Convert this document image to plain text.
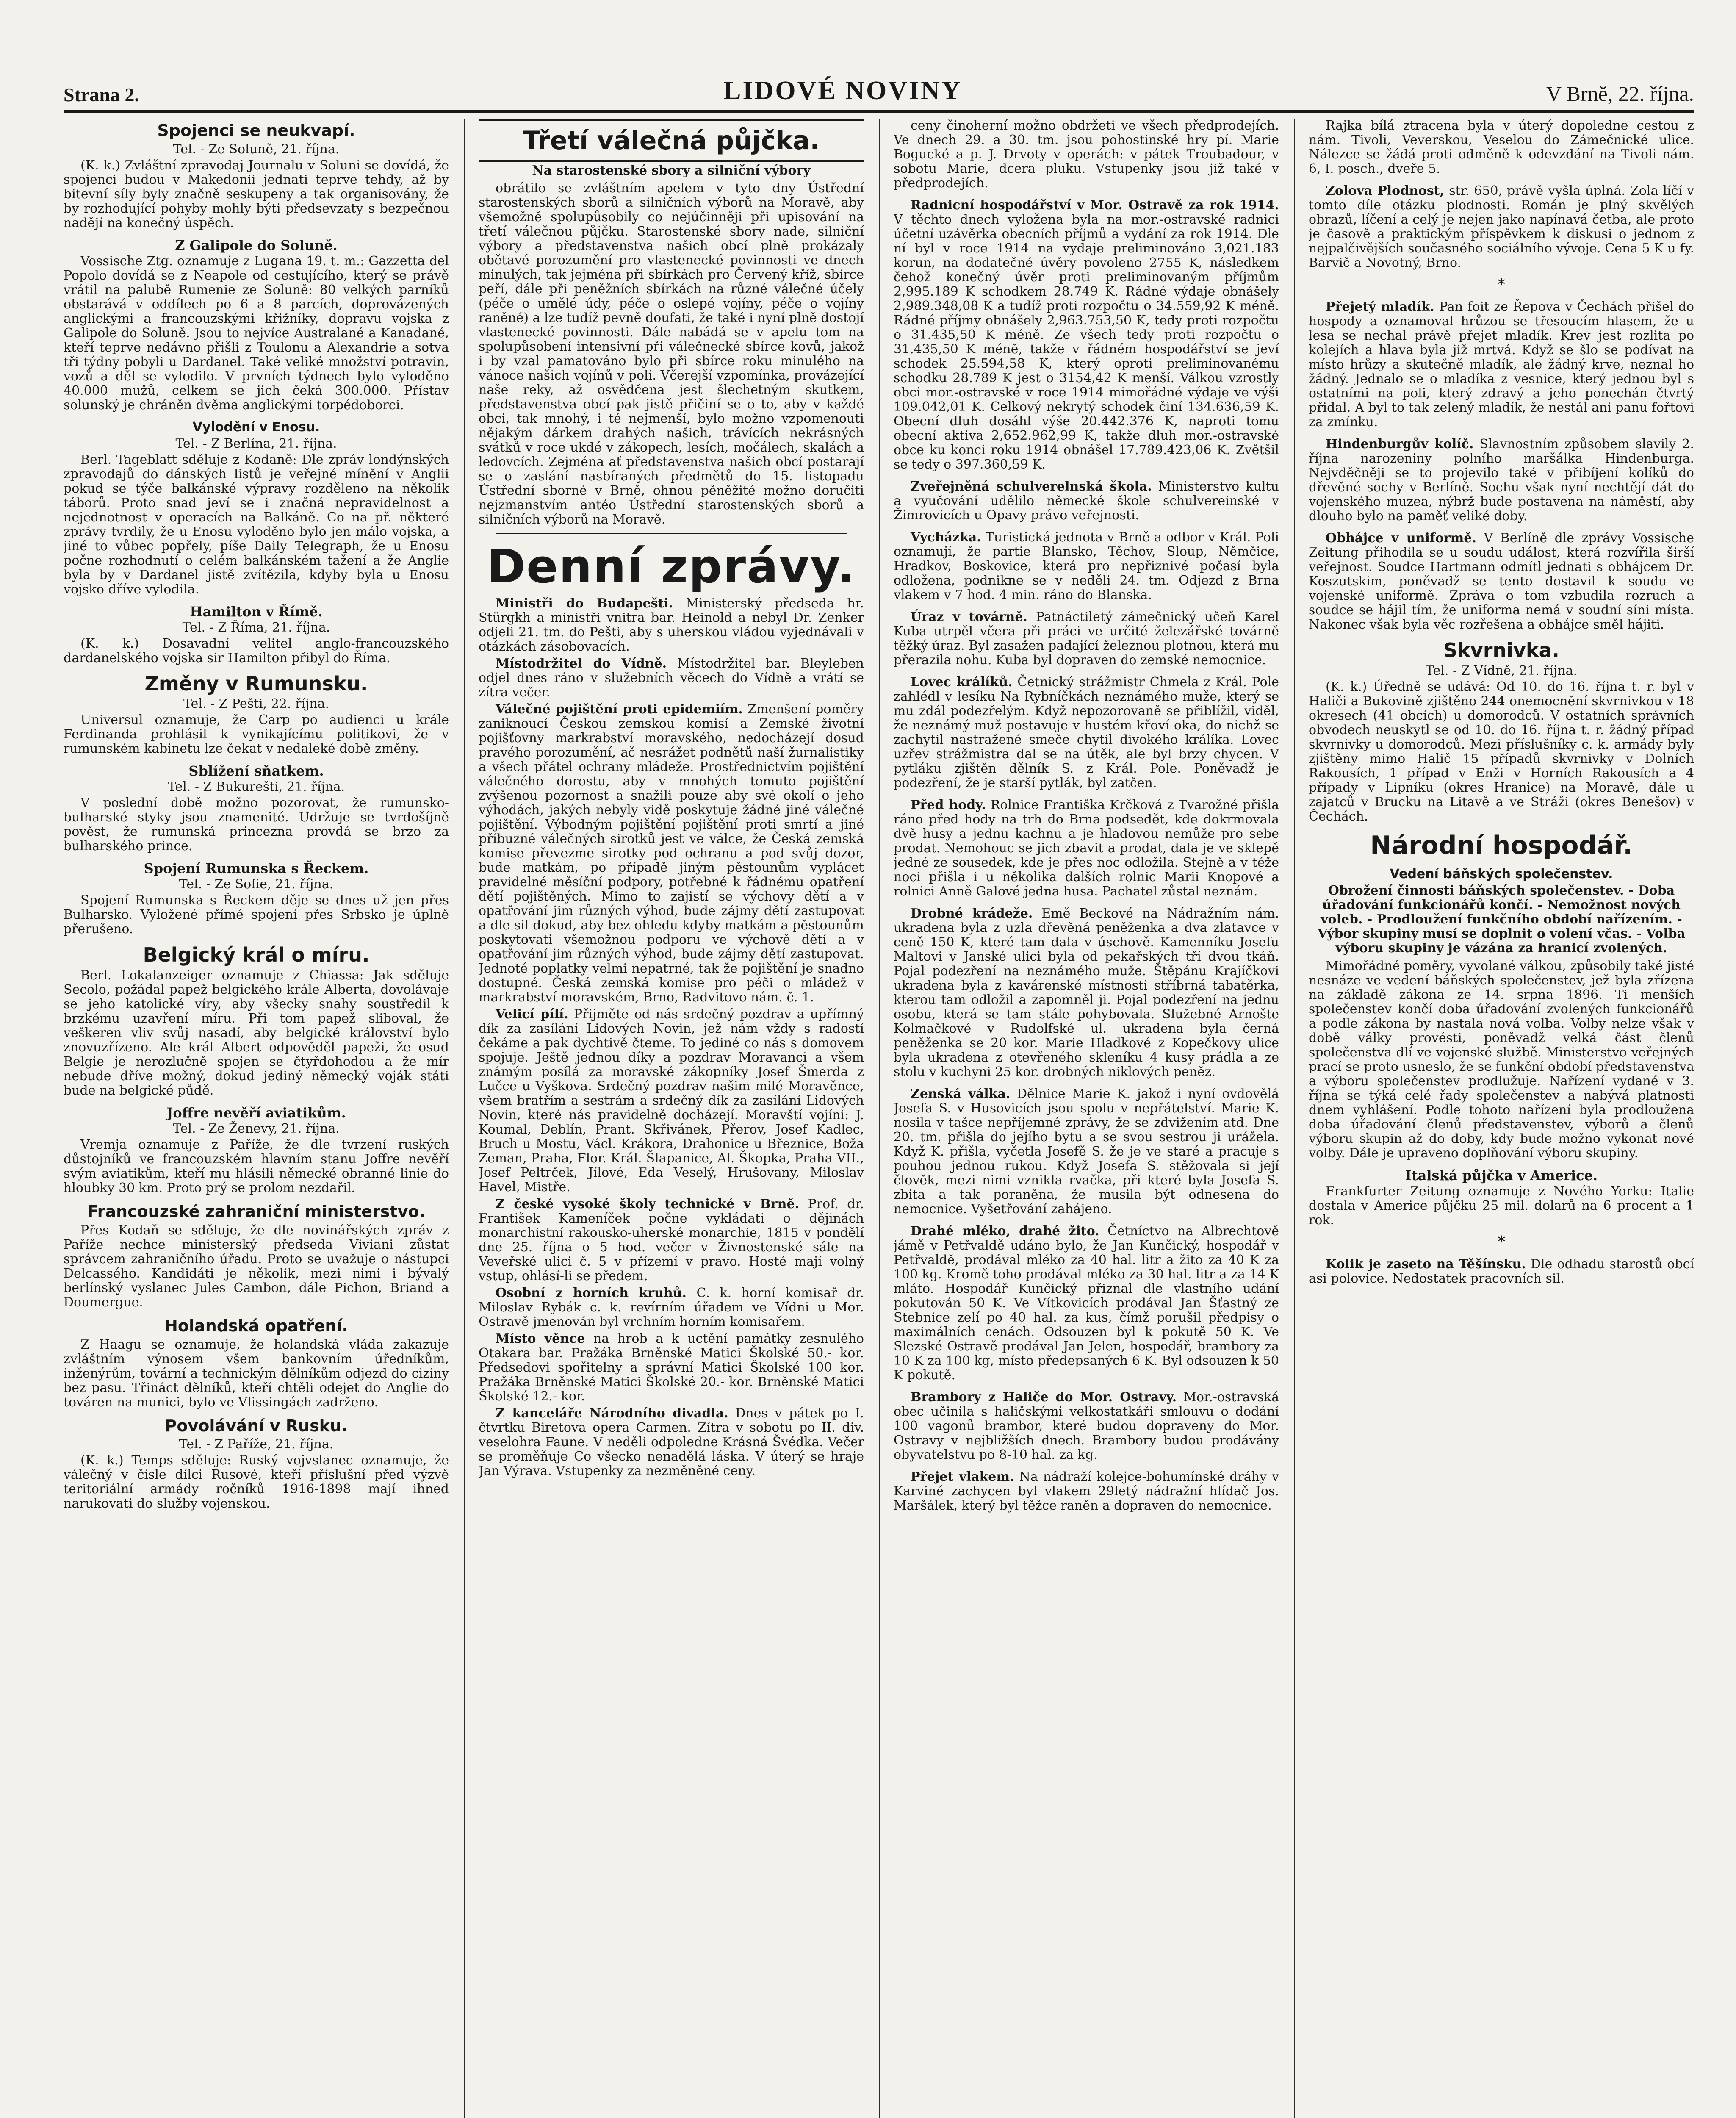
Strana 2.	LIDOVÉ NOVINY	V Brně, 22. října.
Spojenci se neukvapí.
Tel. - Ze Soluně, 21. října.

(K. k.) Zvláštní zpravodaj Journalu v Soluni se dovídá, že spojenci budou v Makedonii jednati teprve tehdy, až by bitevní síly byly značně seskupeny a tak organisovány, že by rozhodující pohyby mohly býti předsevzaty s bezpečnou nadějí na konečný úspěch.

Z Galipole do Soluně.

Vossische Ztg. oznamuje z Lugana 19. t. m.: Gazzetta del Popolo dovídá se z Neapole od cestujícího, který se právě vrátil na palubě Rumenie ze Soluně: 80 velkých parníků obstarává v oddílech po 6 a 8 parcích, doprovázených anglickými a francouzskými křižníky, dopravu vojska z Galipole do Soluně. Jsou to nejvíce Australané a Kanadané, kteří teprve nedávno přišli z Toulonu a Alexandrie a sotva tři týdny pobyli u Dardanel. Také veliké množství potravin, vozů a děl se vylodilo. V prvních týdnech bylo vyloděno 40.000 mužů, celkem se jich čeká 300.000. Přístav solunský je chráněn dvěma anglickými torpédoborci.

Vylodění v Enosu.
Tel. - Z Berlína, 21. října.

Berl. Tageblatt sděluje z Kodaně: Dle zpráv londýnských zpravodajů do dánských listů je veřejné mínění v Anglii pokud se týče balkánské výpravy rozděleno na několik táborů. Proto snad jeví se i značná nepravidelnost a nejednotnost v operacích na Balkáně. Co na př. některé zprávy tvrdily, že u Enosu vyloděno bylo jen málo vojska, a jiné to vůbec popřely, píše Daily Telegraph, že u Enosu počne rozhodnutí o celém balkánském tažení a že Anglie byla by v Dardanel jistě zvítězila, kdyby byla u Enosu vojsko dříve vylodila.

Hamilton v Římě.
Tel. - Z Říma, 21. října.

(K. k.) Dosavadní velitel anglo-francouzského dardanelského vojska sir Hamilton přibyl do Říma.

Změny v Rumunsku.
Tel. - Z Pešti, 22. října.

Universul oznamuje, že Carp po audienci u krále Ferdinanda prohlásil k vynikajícímu politikovi, že v rumunském kabinetu lze čekat v nedaleké době změny.

Sblížení sňatkem.
Tel. - Z Bukurešti, 21. října.

V poslední době možno pozorovat, že rumunsko-bulharské styky jsou znamenité. Udržuje se tvrdošíjně pověst, že rumunská princezna provdá se brzo za bulharského prince.

Spojení Rumunska s Řeckem.
Tel. - Ze Sofie, 21. října.

Spojení Rumunska s Řeckem děje se dnes už jen přes Bulharsko. Vyložené přímé spojení přes Srbsko je úplně přerušeno.

Belgický král o míru.

Berl. Lokalanzeiger oznamuje z Chiassa: Jak sděluje Secolo, požádal papež belgického krále Alberta, dovolávaje se jeho katolické víry, aby všecky snahy soustředil k brzkému uzavření míru. Při tom papež sliboval, že veškeren vliv svůj nasadí, aby belgické království bylo znovuzřízeno. Ale král Albert odpověděl papeži, že osud Belgie je nerozlučně spojen se čtyřdohodou a že mír nebude dříve možný, dokud jediný německý voják státi bude na belgické půdě.

Joffre nevěří aviatikům.
Tel. - Ze Ženevy, 21. října.

Vremja oznamuje z Paříže, že dle tvrzení ruských důstojníků ve francouzském hlavním stanu Joffre nevěří svým aviatikům, kteří mu hlásili německé obranné linie do hloubky 30 km. Proto prý se prolom nezdařil.

Francouzské zahraniční ministerstvo.

Přes Kodaň se sděluje, že dle novinářských zpráv z Paříže nechce ministerský předseda Viviani zůstat správcem zahraničního úřadu. Proto se uvažuje o nástupci Delcassého. Kandidáti je několik, mezi nimi i bývalý berlínský vyslanec Jules Cambon, dále Pichon, Briand a Doumergue.

Holandská opatření.

Z Haagu se oznamuje, že holandská vláda zakazuje zvláštním výnosem všem bankovním úředníkům, inženýrům, tovární a technickým dělníkům odjezd do ciziny bez pasu. Třináct dělníků, kteří chtěli odejet do Anglie do továren na munici, bylo ve Vlissingách zadrženo.

Povolávání v Rusku.
Tel. - Z Paříže, 21. října.

(K. k.) Temps sděluje: Ruský vojvslanec oznamuje, že válečný v čísle dílci Rusové, kteří příslušní před výzvě teritoriální armády ročníků 1916-1898 mají ihned narukovati do služby vojenskou.

Třetí válečná půjčka.
Na starostenské sbory a silniční výbory

obrátilo se zvláštním apelem v tyto dny Ústřední starostenských sborů a silničních výborů na Moravě, aby všemožně spolupůsobily co nejúčinněji při upisování na třetí válečnou půjčku. Starostenské sbory nade, silniční výbory a představenstva našich obcí plně prokázaly obětavé porozumění pro vlastenecké povinnosti ve dnech minulých, tak jejména při sbírkách pro Červený kříž, sbírce peří, dále při peněžních sbírkách na různé válečné účely (péče o umělé údy, péče o oslepé vojíny, péče o vojíny raněné) a lze tudíž pevně doufati, že také i nyní plně dostojí vlastenecké povinnosti. Dále nabádá se v apelu tom na spolupůsobení intensivní při válečnecké sbírce kovů, jakož i by vzal pamatováno bylo při sbírce roku minulého na vánoce našich vojínů v poli. Včerejší vzpomínka, provázející naše reky, až osvědčena jest šlechetným skutkem, představenstva obcí pak jistě přičiní se o to, aby v každé obci, tak mnohý, i té nejmenší, bylo možno vzpomenouti nějakým dárkem drahých našich, trávících nekrásných svátků v roce ukdé v zákopech, lesích, močálech, skalách a ledovcích. Zejména ať představenstva našich obcí postarají se o zaslání nasbíraných předmětů do 15. listopadu Ústřední sborné v Brně, ohnou pěněžité možno doručiti nejzmanstvím antéo Ústřední starostenských sborů a silničních výborů na Moravě.

Denní zprávy.

Ministři do Budapešti. Ministerský předseda hr. Stürgkh a ministři vnitra bar. Heinold a nebyl Dr. Zenker odjeli 21. tm. do Pešti, aby s uherskou vládou vyjednávali v otázkách zásobovacích.

Místodržitel do Vídně. Místodržitel bar. Bleyleben odjel dnes ráno v služebních věcech do Vídně a vrátí se zítra večer.

Válečné pojištění proti epidemiím. Zmenšení poměry zaniknoucí Českou zemskou komisí a Zemské životní pojišťovny markrabství moravského, nedocházejí dosud pravého porozumění, ač nesrážet podnětů naší žurnalistiky a všech přátel ochrany mládeže. Prostřednictvím pojištění válečného dorostu, aby v mnohých tomuto pojištění zvýšenou pozornost a snažili pouze aby své okolí o jeho výhodách, jakých nebyly vidě poskytuje žádné jiné válečné pojištění. Výbodným pojištění pojištění proti smrtí a jiné příbuzné válečných sirotků jest ve válce, že Česká zemská komise převezme sirotky pod ochranu a pod svůj dozor, bude matkám, po případě jiným pěstounům vyplácet pravidelné měsíční podpory, potřebné k řádnému opatření dětí pojištěných. Mimo to zajistí se výchovy dětí a v opatřování jim různých výhod, bude zájmy dětí zastupovat a dle sil dokud, aby bez ohledu kdyby matkám a pěstounům poskytovati všemožnou podporu ve výchově dětí a v opatřování jim různých výhod, bude zájmy dětí zastupovat. Jednoté poplatky velmi nepatrné, tak že pojištění je snadno dostupné. Česká zemská komise pro péči o mládež v markrabství moravském, Brno, Radvitovo nám. č. 1.

Velicí pílí. Přijměte od nás srdečný pozdrav a upřímný dík za zasílání Lidových Novin, jež nám vždy s radostí čekáme a pak dychtivě čteme. To jediné co nás s domovem spojuje. Ještě jednou díky a pozdrav Moravanci a všem známým posílá za moravské zákopníky Josef Šmerda z Lučce u Vyškova. Srdečný pozdrav našim milé Moravěnce, všem bratřím a sestrám a srdečný dík za zasílání Lidových Novin, které nás pravidelně docházejí. Moravští vojíni: J. Koumal, Deblín, Prant. Skřivánek, Přerov, Josef Kadlec, Bruch u Mostu, Václ. Krákora, Drahonice u Březnice, Boža Zeman, Praha, Flor. Král. Šlapanice, Al. Škopka, Praha VII., Josef Peltrček, Jílové, Eda Veselý, Hrušovany, Miloslav Havel, Mistře.

Z české vysoké školy technické v Brně. Prof. dr. František Kameníček počne vykládati o dějinách monarchistní rakousko-uherské monarchie, 1815 v pondělí dne 25. října o 5 hod. večer v Živnostenské sále na Veveřské ulici č. 5 v přízemí v pravo. Hosté mají volný vstup, ohlásí-li se předem.

Osobní z horních kruhů. C. k. horní komisař dr. Miloslav Rybák c. k. revírním úřadem ve Vídni u Mor. Ostravě jmenován byl vrchním horním komisařem.

Místo věnce na hrob a k uctění památky zesnulého Otakara bar. Pražáka Brněnské Matici Školské 50.- kor. Předsedovi spořitelny a správní Matici Školské 100 kor. Pražáka Brněnské Matici Školské 20.- kor. Brněnské Matici Školské 12.- kor.

Z kanceláře Národního divadla. Dnes v pátek po I. čtvrtku Biretova opera Carmen. Zítra v sobotu po II. div. veselohra Faune. V neděli odpoledne Krásná Švédka. Večer se proměňuje Co všecko nenadělá láska. V úterý se hraje Jan Výrava. Vstupenky za nezměněné ceny.

ceny činoherní možno obdržeti ve všech předprodejích. Ve dnech 29. a 30. tm. jsou pohostinské hry pí. Marie Bogucké a p. J. Drvoty v operách: v pátek Troubadour, v sobotu Marie, dcera pluku. Vstupenky jsou již také v předprodejích.

Radnicní hospodářství v Mor. Ostravě za rok 1914. V těchto dnech vyložena byla na mor.-ostravské radnici účetní uzávěrka obecních příjmů a vydání za rok 1914. Dle ní byl v roce 1914 na vydaje preliminováno 3,021.183 korun, na dodatečné úvěry povoleno 2755 K, následkem čehož konečný úvěr proti preliminovaným příjmům 2,995.189 K schodkem 28.749 K. Rádné výdaje obnášely 2,989.348,08 K a tudíž proti rozpočtu o 34.559,92 K méně. Rádné příjmy obnášely 2,963.753,50 K, tedy proti rozpočtu o 31.435,50 K méně. Ze všech tedy proti rozpočtu o 31.435,50 K méně, takže v řádném hospodářství se jeví schodek 25.594,58 K, který oproti preliminovanému schodku 28.789 K jest o 3154,42 K menší. Válkou vzrostly obci mor.-ostravské v roce 1914 mimořádné výdaje ve výši 109.042,01 K. Celkový nekrytý schodek činí 134.636,59 K. Obecní dluh dosáhl výše 20.442.376 K, naproti tomu obecní aktiva 2,652.962,99 K, takže dluh mor.-ostravské obce ku konci roku 1914 obnášel 17.789.423,06 K. Zvětšil se tedy o 397.360,59 K.

Zveřejněná schulverelnská škola. Ministerstvo kultu a vyučování udělilo německé škole schulvereinské v Žimrovicích u Opavy právo veřejnosti.

Vycházka. Turistická jednota v Brně a odbor v Král. Poli oznamují, že partie Blansko, Těchov, Sloup, Němčice, Hradkov, Boskovice, která pro nepřiznivé počasí byla odložena, podnikne se v neděli 24. tm. Odjezd z Brna vlakem v 7 hod. 4 min. ráno do Blanska.

Úraz v továrně. Patnáctiletý zámečnický učeň Karel Kuba utrpěl včera při práci ve určité železářské továrně těžký úraz. Byl zasažen padající železnou plotnou, která mu přerazila nohu. Kuba byl dopraven do zemské nemocnice.

Lovec králíků. Četnický strážmistr Chmela z Král. Pole zahlédl v lesíku Na Rybníčkách neznámého muže, který se mu zdál podezřelým. Když nepozorovaně se přiblížil, viděl, že neznámý muž postavuje v hustém křoví oka, do nichž se zachytil nastražené smeče chytil divokého králíka. Lovec uzřev strážmistra dal se na útěk, ale byl brzy chycen. V pytláku zjištěn dělník S. z Král. Pole. Poněvadž je podezření, že je starší pytlák, byl zatčen.

Před hody. Rolnice Františka Krčková z Tvarožné přišla ráno před hody na trh do Brna podsedět, kde dokrmovala dvě husy a jednu kachnu a je hladovou nemůže pro sebe prodat. Nemohouc se jich zbavit a prodat, dala je ve sklepě jedné ze sousedek, kde je přes noc odložila. Stejně a v téže noci přišla i u několika dalších rolnic Marii Knopové a rolnici Anně Galové jedna husa. Pachatel zůstal neznám.

Drobné krádeže. Emě Beckové na Nádražním nám. ukradena byla z uzla dřevěná peněženka a dva zlatavce v ceně 150 K, které tam dala v úschově. Kamenníku Josefu Maltovi v Janské ulici byla od pekařských tří dvou tkáň. Pojal podezření na neznámého muže. Štěpánu Krajíčkovi ukradena byla z kavárenské místnosti stříbrná tabatěrka, kterou tam odložil a zapomněl ji. Pojal podezření na jednu osobu, která se tam stále pohybovala. Služebné Arnošte Kolmačkové v Rudolfské ul. ukradena byla černá peněženka se 20 kor. Marie Hladkové z Kopečkovy ulice byla ukradena z otevřeného skleníku 4 kusy prádla a ze stolu v kuchyni 25 kor. drobných niklových peněz.

Zenská válka. Dělnice Marie K. jakož i nyní ovdovělá Josefa S. v Husovicích jsou spolu v nepřátelství. Marie K. nosila v tašce nepříjemné zprávy, že se zdvižením atd. Dne 20. tm. přišla do jejího bytu a se svou sestrou ji urážela. Když K. přišla, vyčetla Josefě S. že je ve staré a pracuje s pouhou jednou rukou. Když Josefa S. stěžovala si její člověk, mezi nimi vznikla rvačka, při které byla Josefa S. zbita a tak poraněna, že musila být odnesena do nemocnice. Vyšetřování zahájeno.

Drahé mléko, drahé žito. Četníctvo na Albrechtově jámě v Petřvaldě udáno bylo, že Jan Kunčický, hospodář v Petřvaldě, prodával mléko za 40 hal. litr a žito za 40 K za 100 kg. Kromě toho prodával mléko za 30 hal. litr a za 14 K mláto. Hospodář Kunčický přiznal dle vlastního udání pokutován 50 K. Ve Vítkovicích prodával Jan Šťastný ze Stebnice zelí po 40 hal. za kus, čímž porušil předpisy o maximálních cenách. Odsouzen byl k pokutě 50 K. Ve Slezské Ostravě prodával Jan Jelen, hospodář, brambory za 10 K za 100 kg, místo předepsaných 6 K. Byl odsouzen k 50 K pokutě.

Brambory z Haliče do Mor. Ostravy. Mor.-ostravská obec učinila s haličskými velkostatkáři smlouvu o dodání 100 vagonů brambor, které budou dopraveny do Mor. Ostravy v nejbližších dnech. Brambory budou prodávány obyvatelstvu po 8-10 hal. za kg.

Přejet vlakem. Na nádraží kolejce-bohumínské dráhy v Karviné zachycen byl vlakem 29letý nádražní hlídač Jos. Maršálek, který byl těžce raněn a dopraven do nemocnice.

Rajka bílá ztracena byla v úterý dopoledne cestou z nám. Tivoli, Veverskou, Veselou do Zámečnické ulice. Nálezce se žádá proti odměně k odevzdání na Tivoli nám. 6, I. posch., dveře 5.

Zolova Plodnost, str. 650, právě vyšla úplná. Zola líčí v tomto díle otázku plodnosti. Román je plný skvělých obrazů, líčení a celý je nejen jako napínavá četba, ale proto je časově a praktickým příspěvkem k diskusi o jednom z nejpalčivějších současného sociálního vývoje. Cena 5 K u fy. Barvič a Novotný, Brno.

*

Přejetý mladík. Pan foit ze Řepova v Čechách přišel do hospody a oznamoval hrůzou se třesoucím hlasem, že u lesa se nechal právě přejet mladík. Krev jest rozlita po kolejích a hlava byla již mrtvá. Když se šlo se podívat na místo hrůzy a skutečně mladík, ale žádný krve, neznal ho žádný. Jednalo se o mladíka z vesnice, který jednou byl s ostatními na poli, který zdravý a jeho ponechán čtvrtý přidal. A byl to tak zelený mladík, že nestál ani panu fořtovi za zmínku.

Hindenburgův kolíč. Slavnostním způsobem slavily 2. října narozeniny polního maršálka Hindenburga. Nejvděčněji se to projevilo také v přibíjení kolíků do dřevěné sochy v Berlíně. Sochu však nyní nechtějí dát do vojenského muzea, nýbrž bude postavena na náměstí, aby dlouho bylo na paměť veliké doby.

Obhájce v uniformě. V Berlíně dle zprávy Vossische Zeitung přihodila se u soudu událost, která rozvířila širší veřejnost. Soudce Hartmann odmítl jednati s obhájcem Dr. Koszutskim, poněvadž se tento dostavil k soudu ve vojenské uniformě. Zpráva o tom vzbudila rozruch a soudce se hájil tím, že uniforma nemá v soudní síni místa. Nakonec však byla věc rozřešena a obhájce směl hájiti.

Skvrnivka.
Tel. - Z Vídně, 21. října.

(K. k.) Úředně se udává: Od 10. do 16. října t. r. byl v Haliči a Bukovině zjištěno 244 onemocnění skvrnivkou v 18 okresech (41 obcích) u domorodců. V ostatních správních obvodech neuskytl se od 10. do 16. října t. r. žádný případ skvrnivky u domorodců. Mezi příslušníky c. k. armády byly zjištěny mimo Halič 15 případů skvrnivky v Dolních Rakousích, 1 případ v Enži v Horních Rakousích a 4 případy v Lipníku (okres Hranice) na Moravě, dále u zajatců v Brucku na Litavě a ve Stráži (okres Benešov) v Čechách.

Národní hospodář.
Vedení báňských společenstev.
Obrožení činnosti báňských společenstev. - Doba úřadování funkcionářů končí. - Nemožnost nových voleb. - Prodloužení funkčního období nařízením. - Výbor skupiny musí se doplnit o volení včas. - Volba výboru skupiny je vázána za hranicí zvolených.

Mimořádné poměry, vyvolané válkou, způsobily také jisté nesnáze ve vedení báňských společenstev, jež byla zřízena na základě zákona ze 14. srpna 1896. Ti menších společenstev končí doba úřadování zvolených funkcionářů a podle zákona by nastala nová volba. Volby nelze však v době války provésti, poněvadž velká část členů společenstva dlí ve vojenské službě. Ministerstvo veřejných prací se proto usneslo, že se funkční období představenstva a výboru společenstev prodlužuje. Nařízení vydané v 3. října se týká celé řady společenstev a nabývá platnosti dnem vyhlášení. Podle tohoto nařízení byla prodloužena doba úřadování členů představenstev, výborů a členů výboru skupin až do doby, kdy bude možno vykonat nové volby. Dále je upraveno doplňování výboru skupiny.

Italská půjčka v Americe.

Frankfurter Zeitung oznamuje z Nového Yorku: Italie dostala v Americe půjčku 25 mil. dolarů na 6 procent a 1 rok.

*

Kolik je zaseto na Těšínsku. Dle odhadu starostů obcí asi polovice. Nedostatek pracovních sil.
